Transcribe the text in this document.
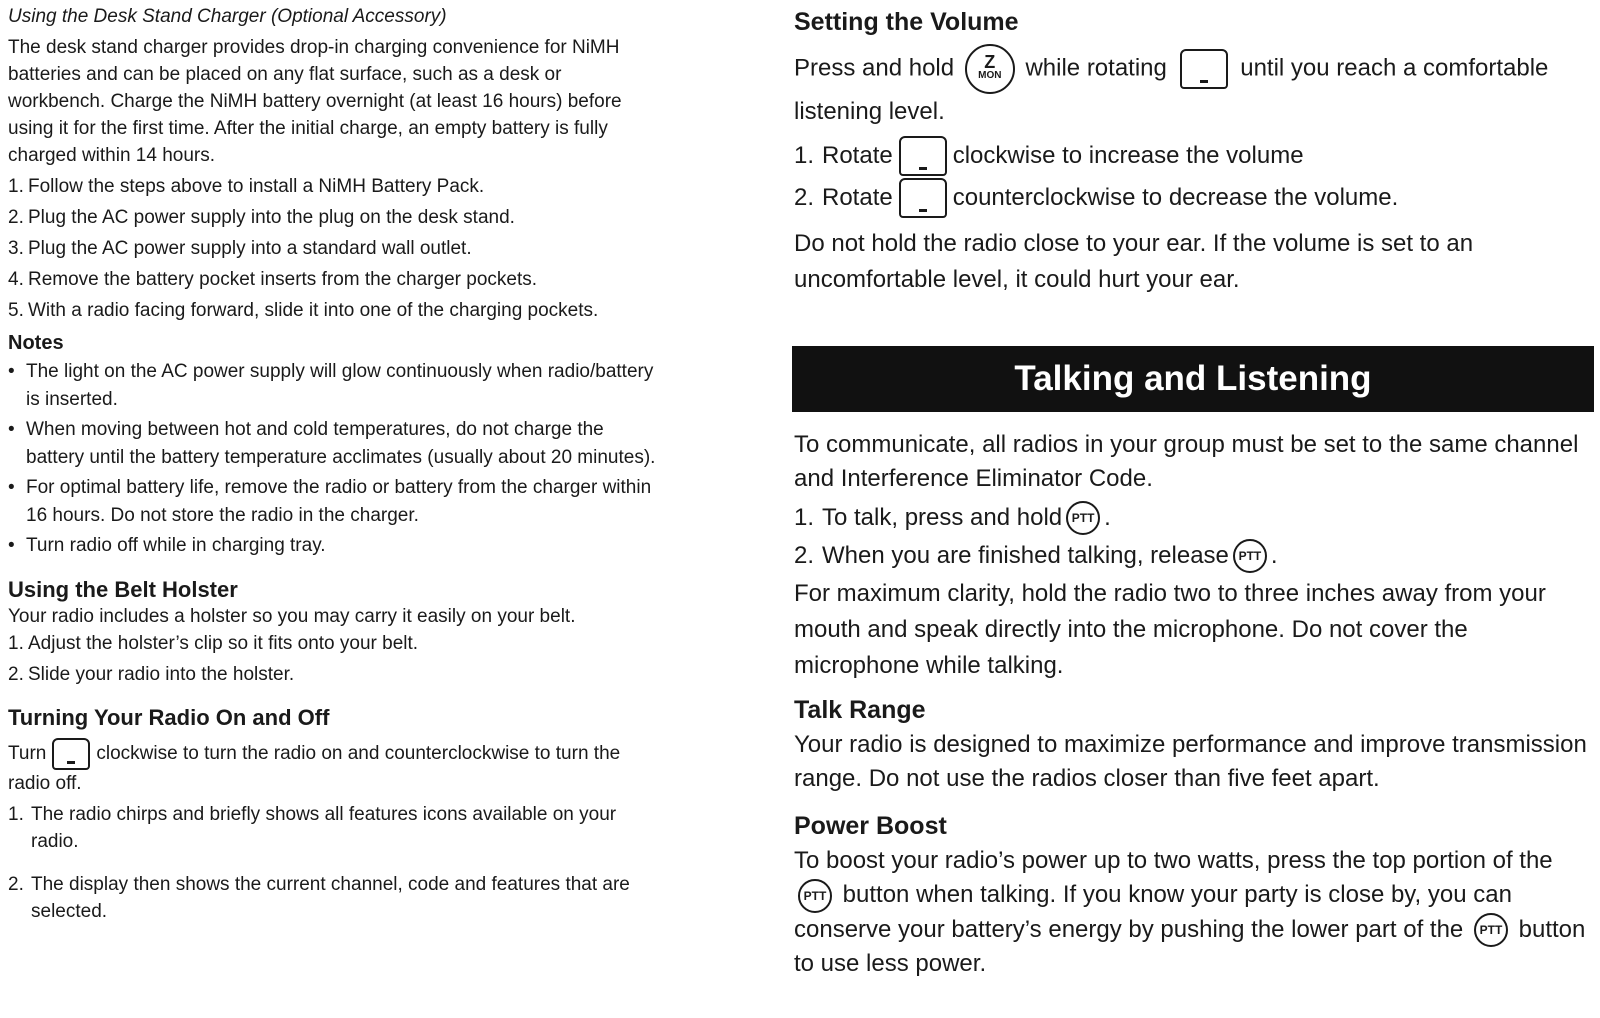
Using the Desk Stand Charger (Optional Accessory)

The desk stand charger provides drop-in charging convenience for NiMH batteries and can be placed on any flat surface, such as a desk or workbench. Charge the NiMH battery overnight (at least 16 hours) before using it for the first time. After the initial charge, an empty battery is fully charged within 14 hours.

1. Follow the steps above to install a NiMH Battery Pack.
2. Plug the AC power supply into the plug on the desk stand.
3. Plug the AC power supply into a standard wall outlet.
4. Remove the battery pocket inserts from the charger pockets.
5. With a radio facing forward, slide it into one of the charging pockets.

Notes

• The light on the AC power supply will glow continuously when radio/battery is inserted.
• When moving between hot and cold temperatures, do not charge the battery until the battery temperature acclimates (usually about 20 minutes).
• For optimal battery life, remove the radio or battery from the charger within 16 hours. Do not store the radio in the charger.
• Turn radio off while in charging tray.

Using the Belt Holster

Your radio includes a holster so you may carry it easily on your belt.

1. Adjust the holster’s clip so it fits onto your belt.
2. Slide your radio into the holster.

Turning Your Radio On and Off

Turn	clockwise to turn the radio on and counterclockwise to turn the radio off.

1. The radio chirps and briefly shows all features icons available on your radio.
2. The display then shows the current channel, code and features that are selected.

Setting the Volume

Press and hold Z
MON while rotating	until you reach a comfortable listening level.

1. Rotate	clockwise to increase the volume
2. Rotate	counterclockwise to decrease the volume.

Do not hold the radio close to your ear. If the volume is set to an uncomfortable level, it could hurt your ear.

Talking and Listening

To communicate, all radios in your group must be set to the same channel and Interference Eliminator Code.

1. To talk, press and hold PTT .
2. When you are finished talking, release PTT .

For maximum clarity, hold the radio two to three inches away from your mouth and speak directly into the microphone. Do not cover the microphone while talking.

Talk Range

Your radio is designed to maximize performance and improve transmission range. Do not use the radios closer than five feet apart.

Power Boost

To boost your radio’s power up to two watts, press the top portion of the PTT button when talking. If you know your party is close by, you can conserve your battery’s energy by pushing the lower part of the PTT button to use less power.
